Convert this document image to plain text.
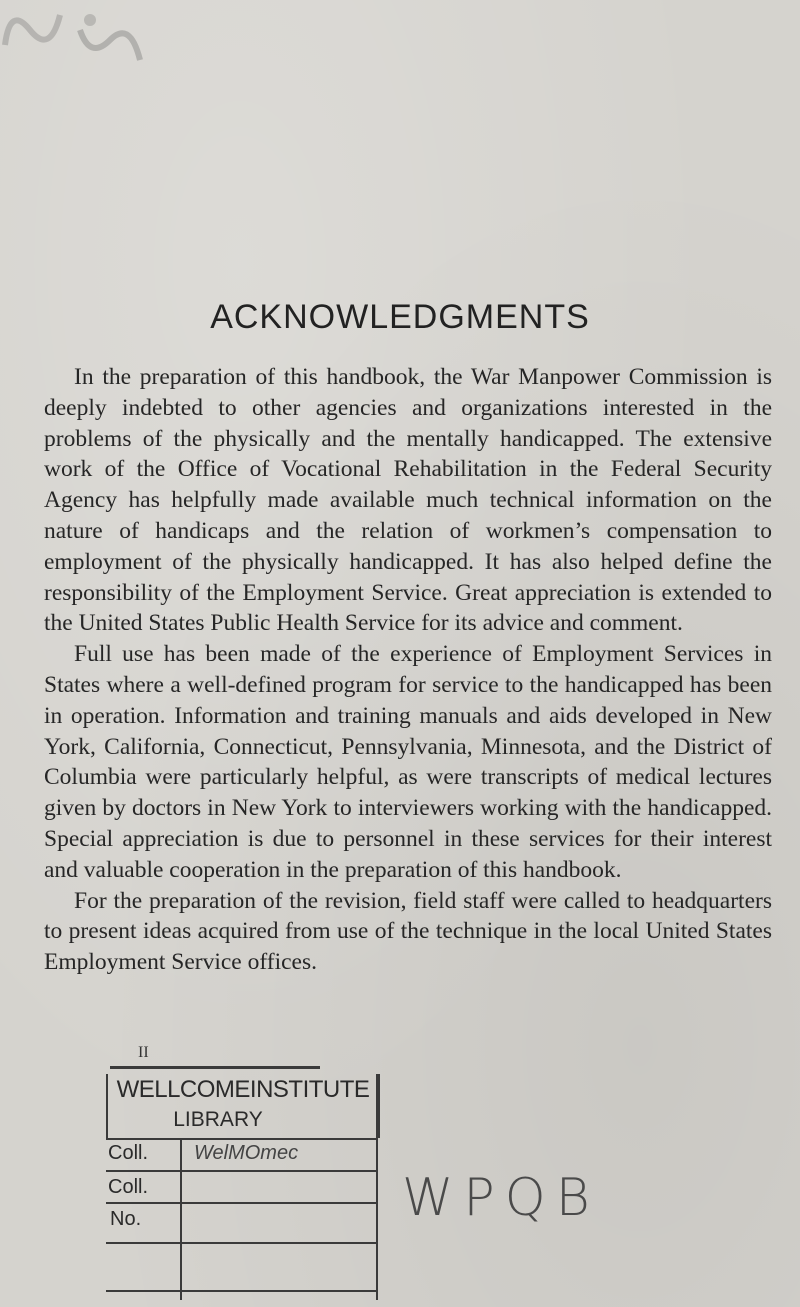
ACKNOWLEDGMENTS

In the preparation of this handbook, the War Manpower Commission is deeply indebted to other agencies and organizations interested in the problems of the physically and the mentally handicapped. The extensive work of the Office of Vocational Rehabilitation in the Federal Security Agency has helpfully made available much technical information on the nature of handicaps and the relation of workmen’s compensation to employment of the physically handicapped. It has also helped define the responsibility of the Employment Service. Great appreciation is extended to the United States Public Health Service for its advice and comment.

Full use has been made of the experience of Employment Services in States where a well-defined program for service to the handicapped has been in operation. Information and training manuals and aids developed in New York, California, Connecticut, Pennsylvania, Minnesota, and the District of Columbia were particularly helpful, as were transcripts of medical lectures given by doctors in New York to interviewers working with the handicapped. Special appreciation is due to personnel in these services for their interest and valuable cooperation in the preparation of this handbook.

For the preparation of the revision, field staff were called to headquarters to present ideas acquired from use of the technique in the local United States Employment Service offices.

II
WELLCOMEINSTITUTE
LIBRARY
Coll. WelMOmec
Coll.
No.	WPQB
